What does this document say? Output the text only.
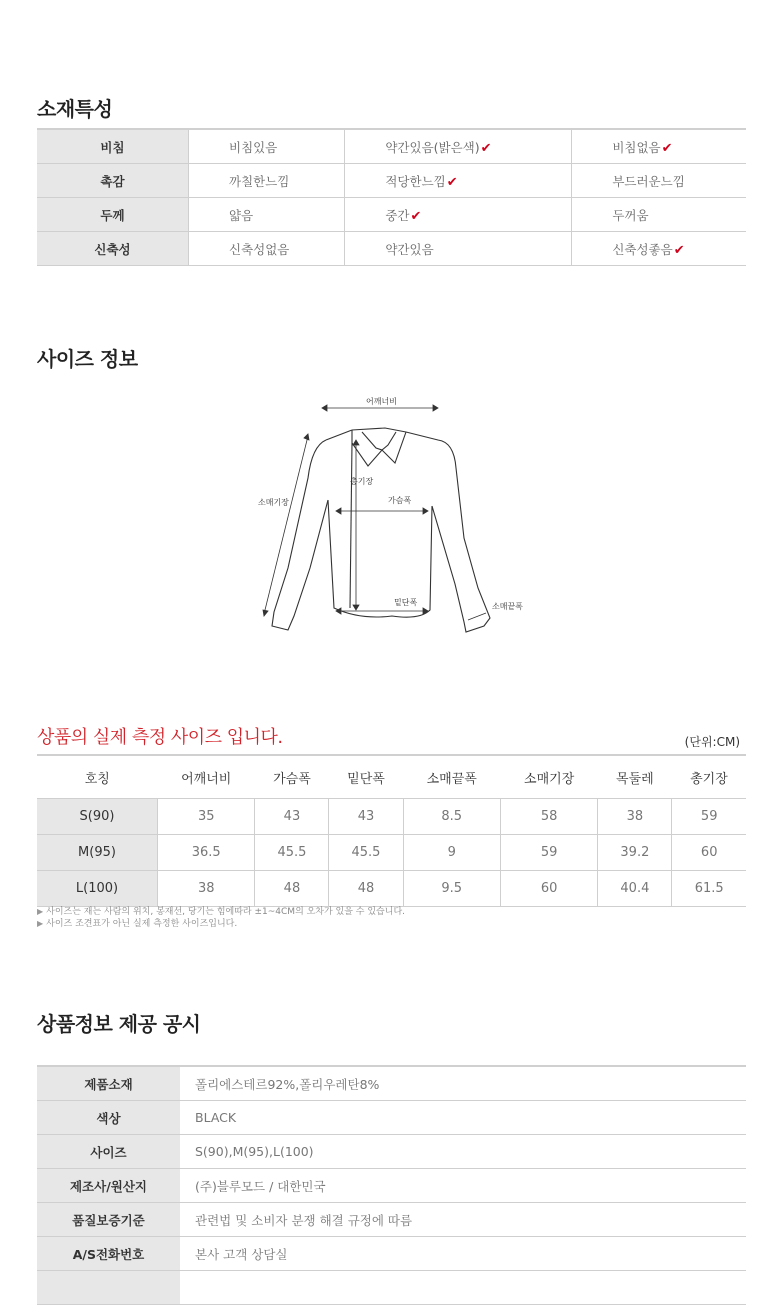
소재특성
비침	비침있음	약간있음(밝은색)✔	비침없음✔
촉감	까칠한느낌	적당한느낌✔	부드러운느낌
두께	얇음	중간✔	두꺼움
신축성	신축성없음	약간있음	신축성좋음✔
사이즈 정보
어깨너비
총기장
가슴폭
소매기장
밑단폭	소매끝폭
상품의 실제 측정 사이즈 입니다.	(단위:CM)
호칭	어깨너비	가슴폭	밑단폭	소매끝폭	소매기장	목둘레	총기장
S(90)	35	43	43	8.5	58	38	59
M(95)	36.5	45.5	45.5	9	59	39.2	60
L(100)	38	48	48	9.5	60	40.4	61.5
▶ 사이즈는 재는 사람의 위치, 봉재선, 당기는 힘에따라 ±1~4CM의 오차가 있을 수 있습니다.
▶ 사이즈 조견표가 아닌 실제 측정한 사이즈입니다.
상품정보 제공 공시
제품소재	폴리에스테르92%,폴리우레탄8%
색상	BLACK
사이즈	S(90),M(95),L(100)
제조사/원산지	(주)블루모드 / 대한민국
품질보증기준	관련법 및 소비자 분쟁 해결 규정에 따름
A/S전화번호	본사 고객 상담실
